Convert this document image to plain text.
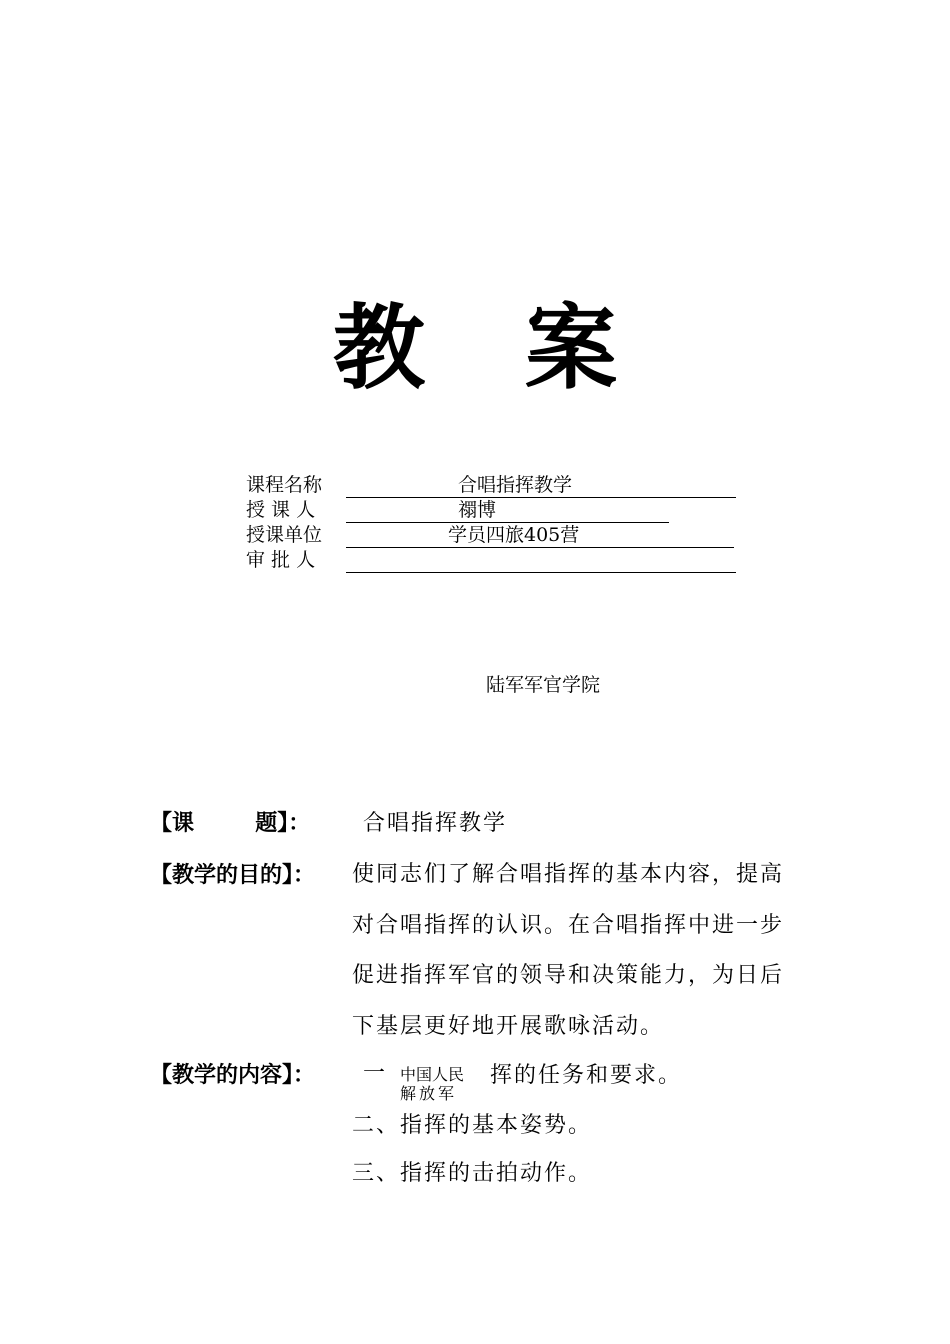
教 案
课程名称	合唱指挥教学
授 课 人	禤博
授课单位	学员四旅405营
审 批 人
陆军军官学院
【课        题】： 合唱指挥教学
【教学的目的】： 使同志们了解合唱指挥的基本内容，提高
对合唱指挥的认识。在合唱指挥中进一步
促进指挥军官的领导和决策能力，为日后
下基层更好地开展歌咏活动。
【教学的内容】： 一 中国人民
解放军
挥的任务和要求。
二、指挥的基本姿势。
三、指挥的击拍动作。
